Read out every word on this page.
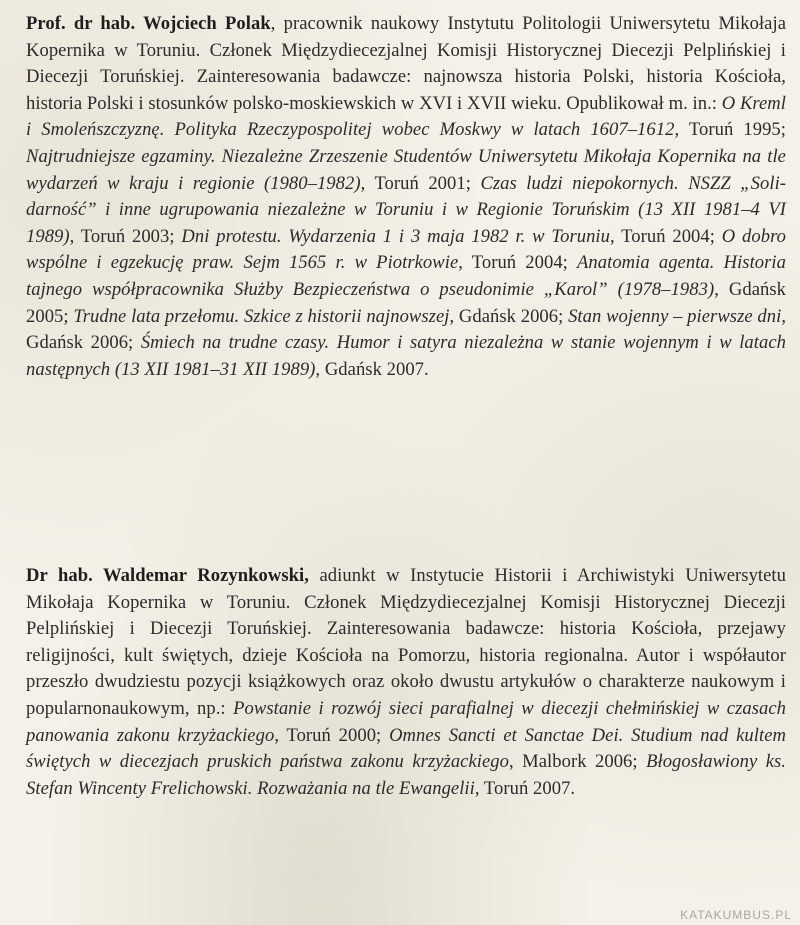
Prof. dr hab. Wojciech Polak, pracownik naukowy Instytutu Politologii Uniwersytetu Mikołaja Kopernika w Toruniu. Członek Międzydiecezjalnej Komisji Historycznej Diecezji Pelplińskiej i Diecezji Toruńskiej. Zainteresowania badawcze: najnowsza historia Polski, historia Kościoła, historia Polski i stosunków polsko-moskiewskich w XVI i XVII wieku. Opublikował m. in.: O Kreml i Smoleńszczyznę. Polityka Rzeczypospolitej wobec Moskwy w latach 1607–1612, Toruń 1995; Najtrudniejsze egzaminy. Niezależne Zrzeszenie Studentów Uniwersytetu Mikołaja Kopernika na tle wydarzeń w kraju i regionie (1980–1982), Toruń 2001; Czas ludzi niepokornych. NSZZ „Solidarność” i inne ugrupowania niezależne w Toruniu i w Regionie Toruńskim (13 XII 1981–4 VI 1989), Toruń 2003; Dni protestu. Wydarzenia 1 i 3 maja 1982 r. w Toruniu, Toruń 2004; O dobro wspólne i egzekucję praw. Sejm 1565 r. w Piotrkowie, Toruń 2004; Anatomia agenta. Historia tajnego współpracownika Służby Bezpieczeństwa o pseudonimie „Karol” (1978–1983), Gdańsk 2005; Trudne lata przełomu. Szkice z historii najnowszej, Gdańsk 2006; Stan wojenny – pierwsze dni, Gdańsk 2006; Śmiech na trudne czasy. Humor i satyra niezależna w stanie wojennym i w latach następnych (13 XII 1981–31 XII 1989), Gdańsk 2007.

Dr hab. Waldemar Rozynkowski, adiunkt w Instytucie Historii i Archiwistyki Uniwersytetu Mikołaja Kopernika w Toruniu. Członek Międzydiecezjalnej Komisji Historycznej Diecezji Pelplińskiej i Diecezji Toruńskiej. Zainteresowania badawcze: historia Kościoła, przejawy religijności, kult świętych, dzieje Kościoła na Pomorzu, historia regionalna. Autor i współautor przeszło dwudziestu pozycji książkowych oraz około dwustu artykułów o charakterze naukowym i popularnonaukowym, np.: Powstanie i rozwój sieci parafialnej w diecezji chełmińskiej w czasach panowania zakonu krzyżackiego, Toruń 2000; Omnes Sancti et Sanctae Dei. Studium nad kultem świętych w diecezjach pruskich państwa zakonu krzyżackiego, Malbork 2006; Błogosławiony ks. Stefan Wincenty Frelichowski. Rozważania na tle Ewangelii, Toruń 2007.

KATAKUMBUS.PL
